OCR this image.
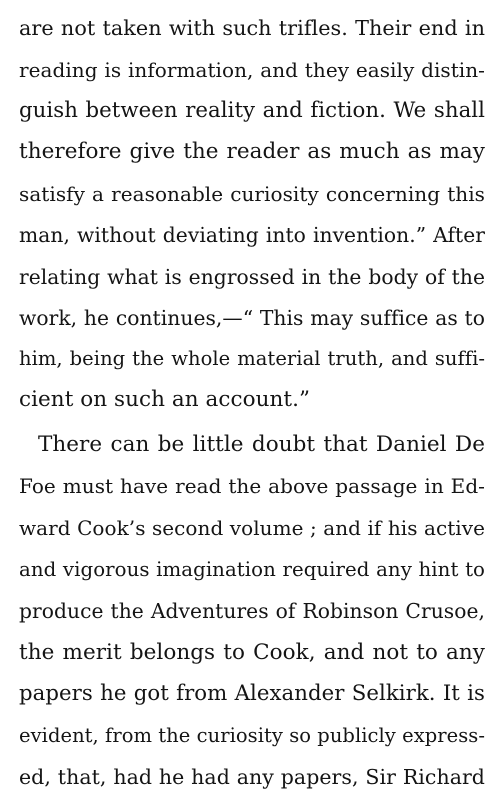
are not taken with such trifles. Their end in
reading is information, and they easily distin-
guish between reality and fiction. We shall
therefore give the reader as much as may
satisfy a reasonable curiosity concerning this
man, without deviating into invention.” After
relating what is engrossed in the body of the
work, he continues,—“ This may suffice as to
him, being the whole material truth, and suffi-
cient on such an account.”
There can be little doubt that Daniel De
Foe must have read the above passage in Ed-
ward Cook’s second volume ; and if his active
and vigorous imagination required any hint to
produce the Adventures of Robinson Crusoe,
the merit belongs to Cook, and not to any
papers he got from Alexander Selkirk. It is
evident, from the curiosity so publicly express-
ed, that, had he had any papers, Sir Richard
